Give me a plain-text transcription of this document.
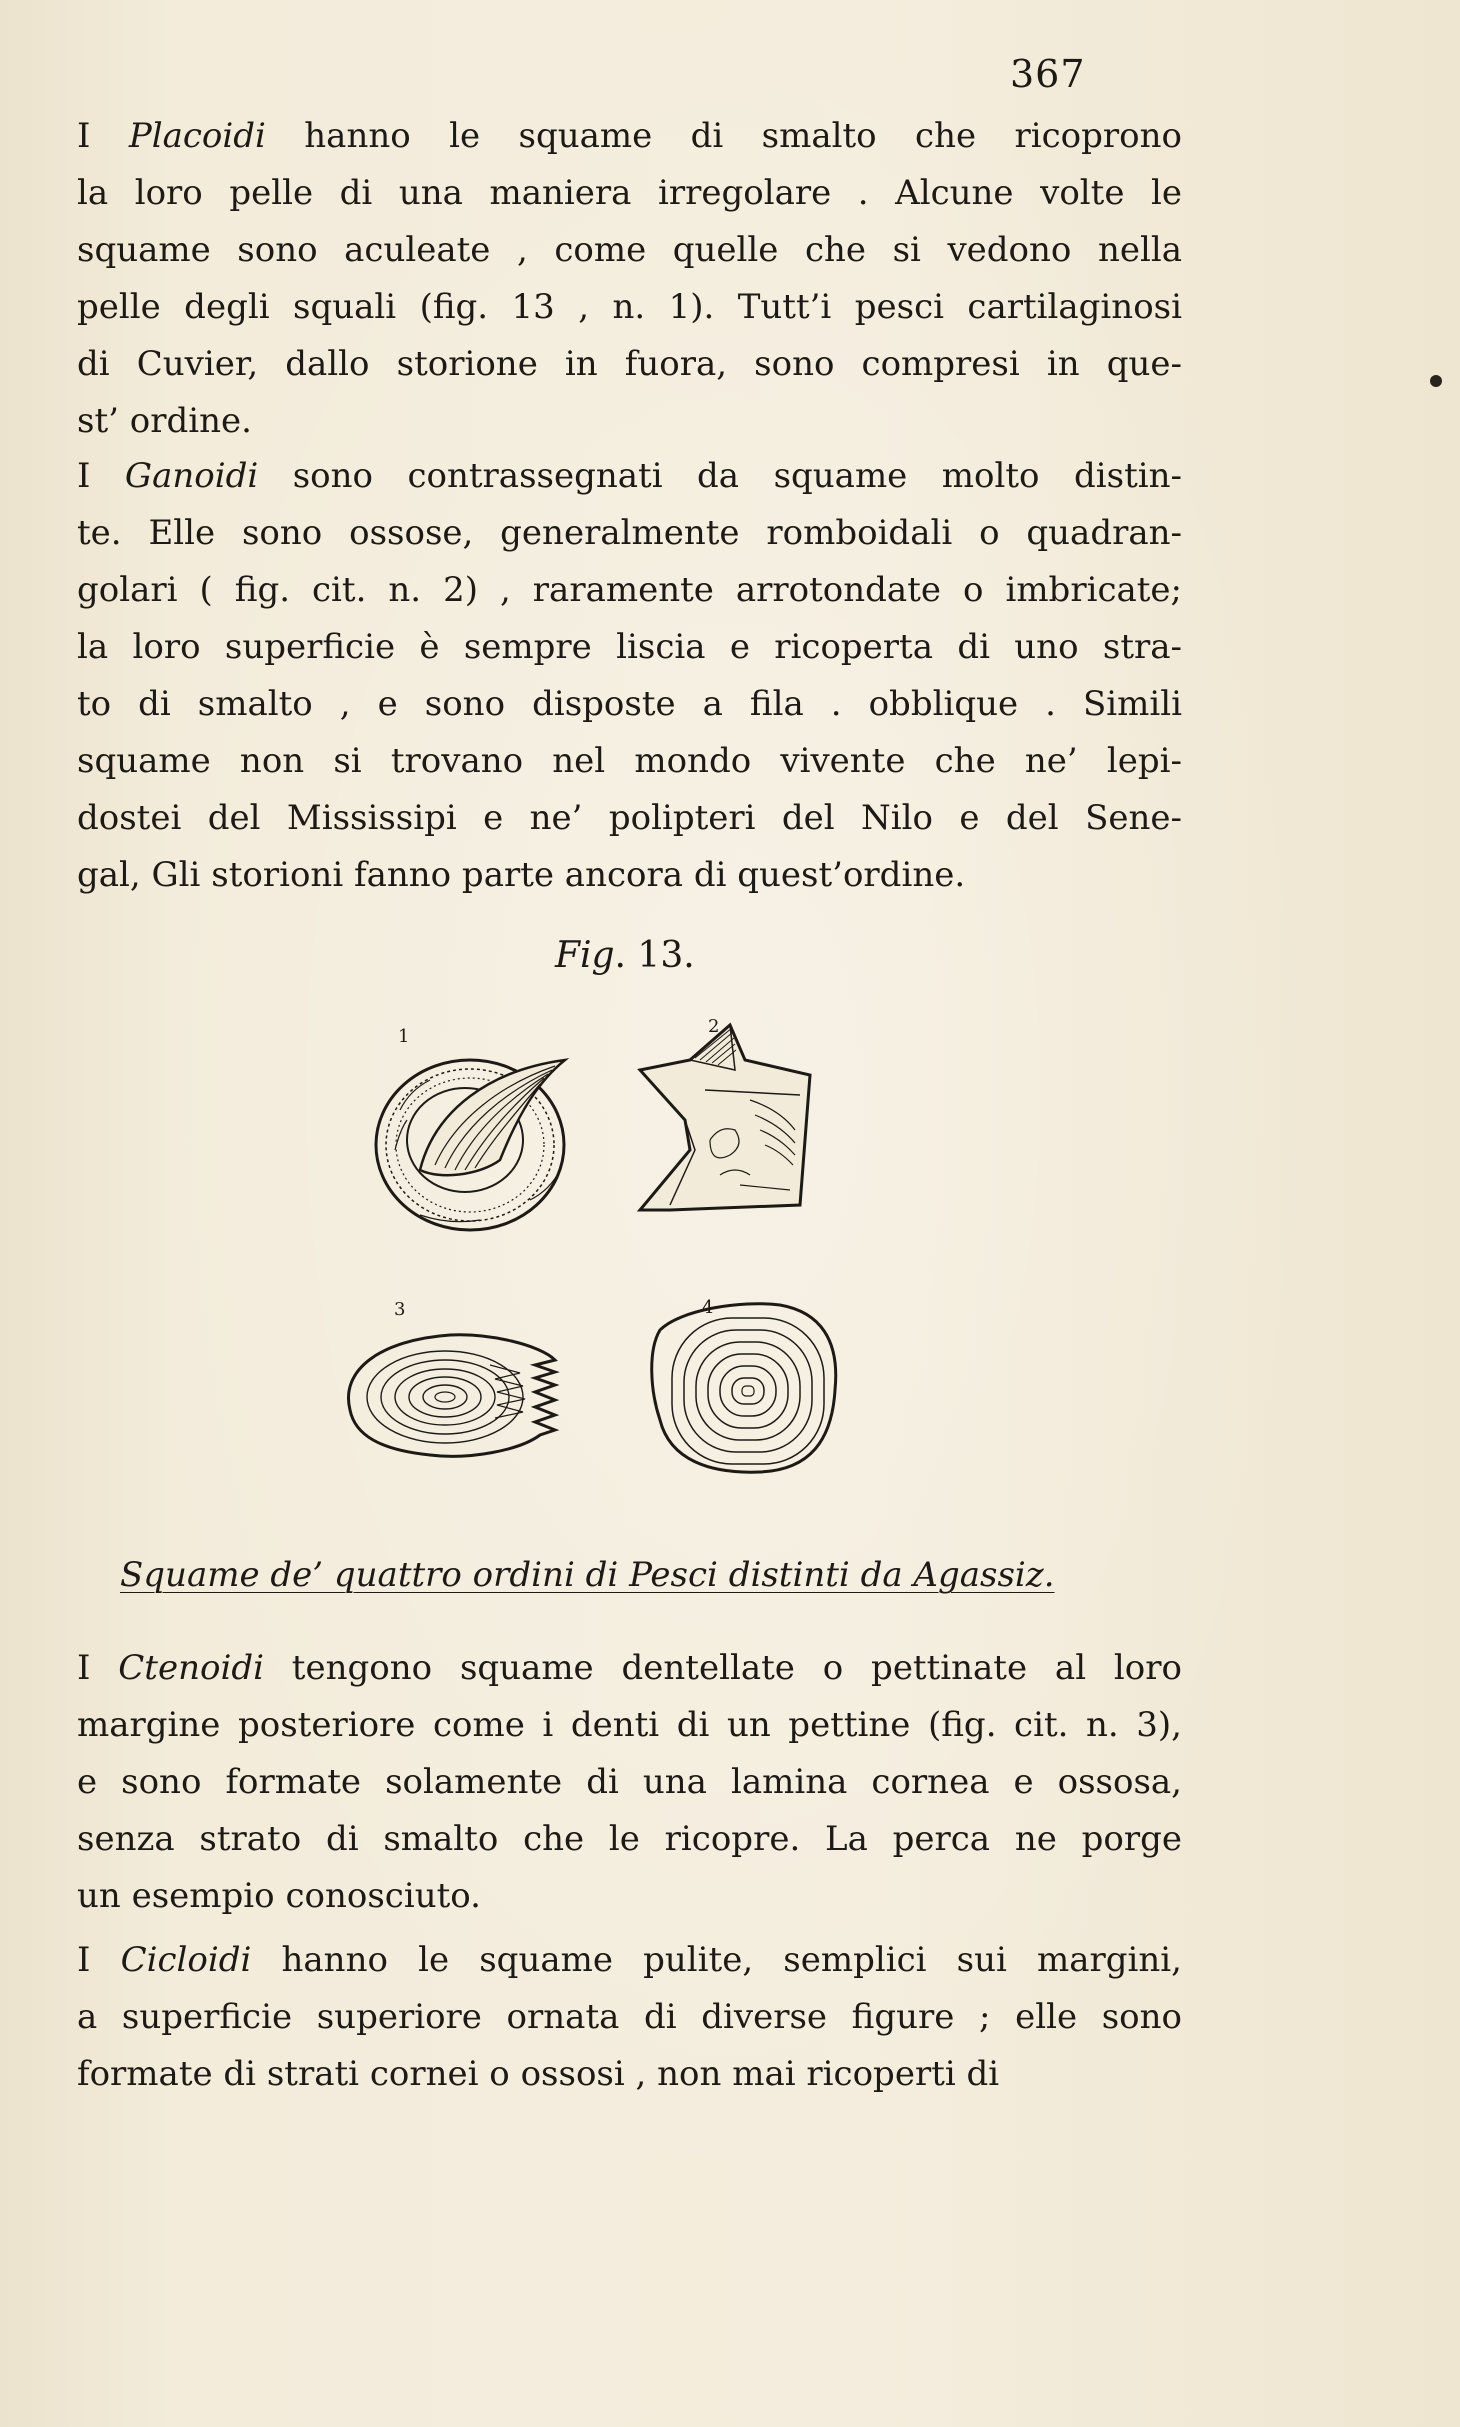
367
I Placoidi hanno le squame di smalto che ricoprono
la loro pelle di una maniera irregolare . Alcune volte le
squame sono aculeate , come quelle che si vedono nella
pelle degli squali (fig. 13 , n. 1). Tutt’i pesci cartilaginosi
di Cuvier, dallo storione in fuora, sono compresi in que-
st’ ordine.
I Ganoidi sono contrassegnati da squame molto distin-
te. Elle sono ossose, generalmente romboidali o quadran-
golari ( fig. cit. n. 2) , raramente arrotondate o imbricate;
la loro superficie è sempre liscia e ricoperta di uno stra-
to di smalto , e sono disposte a fila . obblique . Simili
squame non si trovano nel mondo vivente che ne’ lepi-
dostei del Mississipi e ne’ polipteri del Nilo e del Sene-
gal, Gli storioni fanno parte ancora di quest’ordine.
Fig. 13.
1	2
3	4
Squame de’ quattro ordini di Pesci distinti da Agassiz.
I Ctenoidi tengono squame dentellate o pettinate al loro
margine posteriore come i denti di un pettine (fig. cit. n. 3),
e sono formate solamente di una lamina cornea e ossosa,
senza strato di smalto che le ricopre. La perca ne porge
un esempio conosciuto.
I Cicloidi hanno le squame pulite, semplici sui margini,
a superficie superiore ornata di diverse figure ; elle sono
formate di strati cornei o ossosi , non mai ricoperti di
